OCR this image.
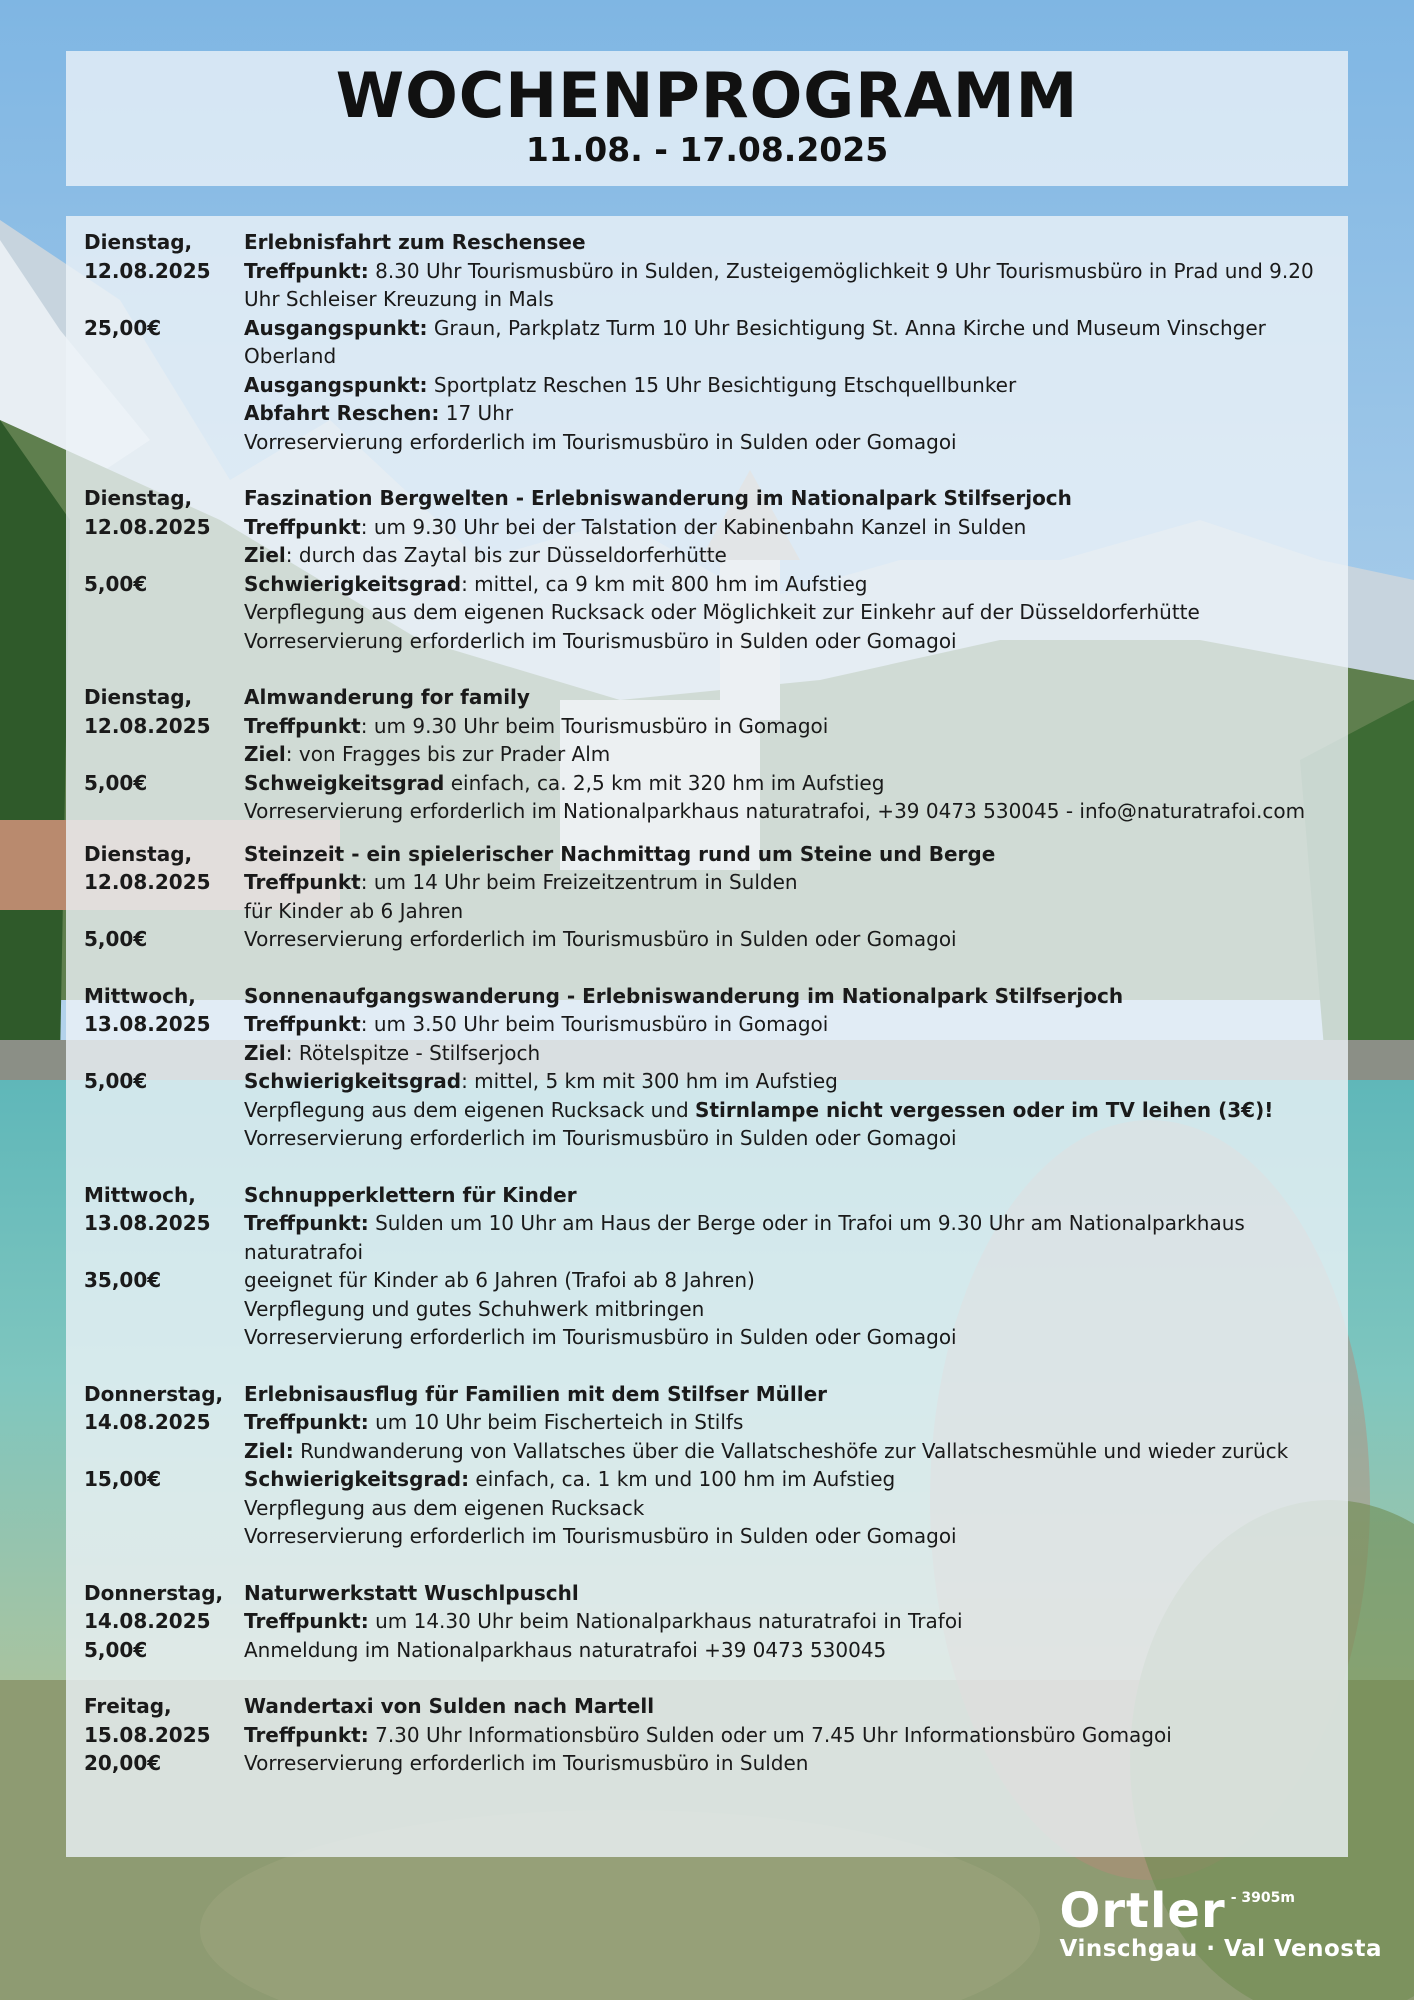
WOCHENPROGRAMM
11.08. - 17.08.2025
Dienstag,
12.08.2025

25,00€
Erlebnisfahrt zum Reschensee
Treffpunkt: 8.30 Uhr Tourismusbüro in Sulden, Zusteigemöglichkeit 9 Uhr Tourismusbüro in Prad und 9.20 Uhr Schleiser Kreuzung in Mals
Ausgangspunkt: Graun, Parkplatz Turm 10 Uhr Besichtigung St. Anna Kirche und Museum Vinschger Oberland
Ausgangspunkt: Sportplatz Reschen 15 Uhr Besichtigung Etschquellbunker
Abfahrt Reschen: 17 Uhr
Vorreservierung erforderlich im Tourismusbüro in Sulden oder Gomagoi
Dienstag,
12.08.2025

5,00€
Faszination Bergwelten - Erlebniswanderung im Nationalpark Stilfserjoch
Treffpunkt: um 9.30 Uhr bei der Talstation der Kabinenbahn Kanzel in Sulden
Ziel: durch das Zaytal bis zur Düsseldorferhütte
Schwierigkeitsgrad: mittel, ca 9 km mit 800 hm im Aufstieg
Verpflegung aus dem eigenen Rucksack oder Möglichkeit zur Einkehr auf der Düsseldorferhütte
Vorreservierung erforderlich im Tourismusbüro in Sulden oder Gomagoi
Dienstag,
12.08.2025

5,00€
Almwanderung for family
Treffpunkt: um 9.30 Uhr beim Tourismusbüro in Gomagoi
Ziel: von Fragges bis zur Prader Alm
Schweigkeitsgrad einfach, ca. 2,5 km mit 320 hm im Aufstieg
Vorreservierung erforderlich im Nationalparkhaus naturatrafoi, +39 0473 530045 - info@naturatrafoi.com
Dienstag,
12.08.2025

5,00€
Steinzeit - ein spielerischer Nachmittag rund um Steine und Berge
Treffpunkt: um 14 Uhr beim Freizeitzentrum in Sulden
für Kinder ab 6 Jahren
Vorreservierung erforderlich im Tourismusbüro in Sulden oder Gomagoi
Mittwoch,
13.08.2025

5,00€
Sonnenaufgangswanderung - Erlebniswanderung im Nationalpark Stilfserjoch
Treffpunkt: um 3.50 Uhr beim Tourismusbüro in Gomagoi
Ziel: Rötelspitze - Stilfserjoch
Schwierigkeitsgrad: mittel, 5 km mit 300 hm im Aufstieg
Verpflegung aus dem eigenen Rucksack und Stirnlampe nicht vergessen oder im TV leihen (3€)!
Vorreservierung erforderlich im Tourismusbüro in Sulden oder Gomagoi
Mittwoch,
13.08.2025

35,00€
Schnupperklettern für Kinder
Treffpunkt: Sulden um 10 Uhr am Haus der Berge oder in Trafoi um 9.30 Uhr am Nationalparkhaus naturatrafoi
geeignet für Kinder ab 6 Jahren (Trafoi ab 8 Jahren)
Verpflegung und gutes Schuhwerk mitbringen
Vorreservierung erforderlich im Tourismusbüro in Sulden oder Gomagoi
Donnerstag,
14.08.2025

15,00€
Erlebnisausflug für Familien mit dem Stilfser Müller
Treffpunkt: um 10 Uhr beim Fischerteich in Stilfs
Ziel: Rundwanderung von Vallatsches über die Vallatscheshöfe zur Vallatschesmühle und wieder zurück
Schwierigkeitsgrad: einfach, ca. 1 km und 100 hm im Aufstieg
Verpflegung aus dem eigenen Rucksack
Vorreservierung erforderlich im Tourismusbüro in Sulden oder Gomagoi
Donnerstag,
14.08.2025
5,00€
Naturwerkstatt Wuschlpuschl
Treffpunkt: um 14.30 Uhr beim Nationalparkhaus naturatrafoi in Trafoi
Anmeldung im Nationalparkhaus naturatrafoi +39 0473 530045
Freitag,
15.08.2025
20,00€
Wandertaxi von Sulden nach Martell
Treffpunkt: 7.30 Uhr Informationsbüro Sulden oder um 7.45 Uhr Informationsbüro Gomagoi
Vorreservierung erforderlich im Tourismusbüro in Sulden
Ortler - 3905m
Vinschgau · Val Venosta
